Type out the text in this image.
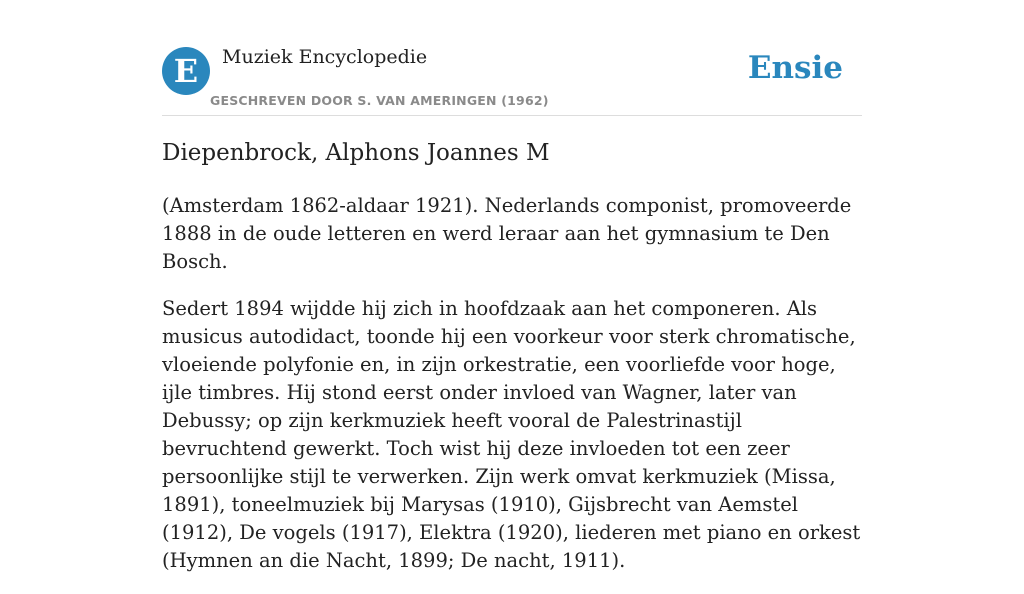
E	Muziek Encyclopedie
GESCHREVEN DOOR S. VAN AMERINGEN (1962)
Ensie
Diepenbrock, Alphons Joannes M

(Amsterdam 1862-aldaar 1921). Nederlands componist, promoveerde 1888 in de oude letteren en werd leraar aan het gymnasium te Den Bosch.

Sedert 1894 wijdde hij zich in hoofdzaak aan het componeren. Als musicus autodidact, toonde hij een voorkeur voor sterk chromatische, vloeiende polyfonie en, in zijn orkestratie, een voorliefde voor hoge, ijle timbres. Hij stond eerst onder invloed van Wagner, later van Debussy; op zijn kerkmuziek heeft vooral de Palestrinastijl bevruchtend gewerkt. Toch wist hij deze invloeden tot een zeer persoonlijke stijl te verwerken. Zijn werk omvat kerkmuziek (Missa, 1891), toneelmuziek bij Marysas (1910), Gijsbrecht van Aemstel (1912), De vogels (1917), Elektra (1920), liederen met piano en orkest (Hymnen an die Nacht, 1899; De nacht, 1911).
